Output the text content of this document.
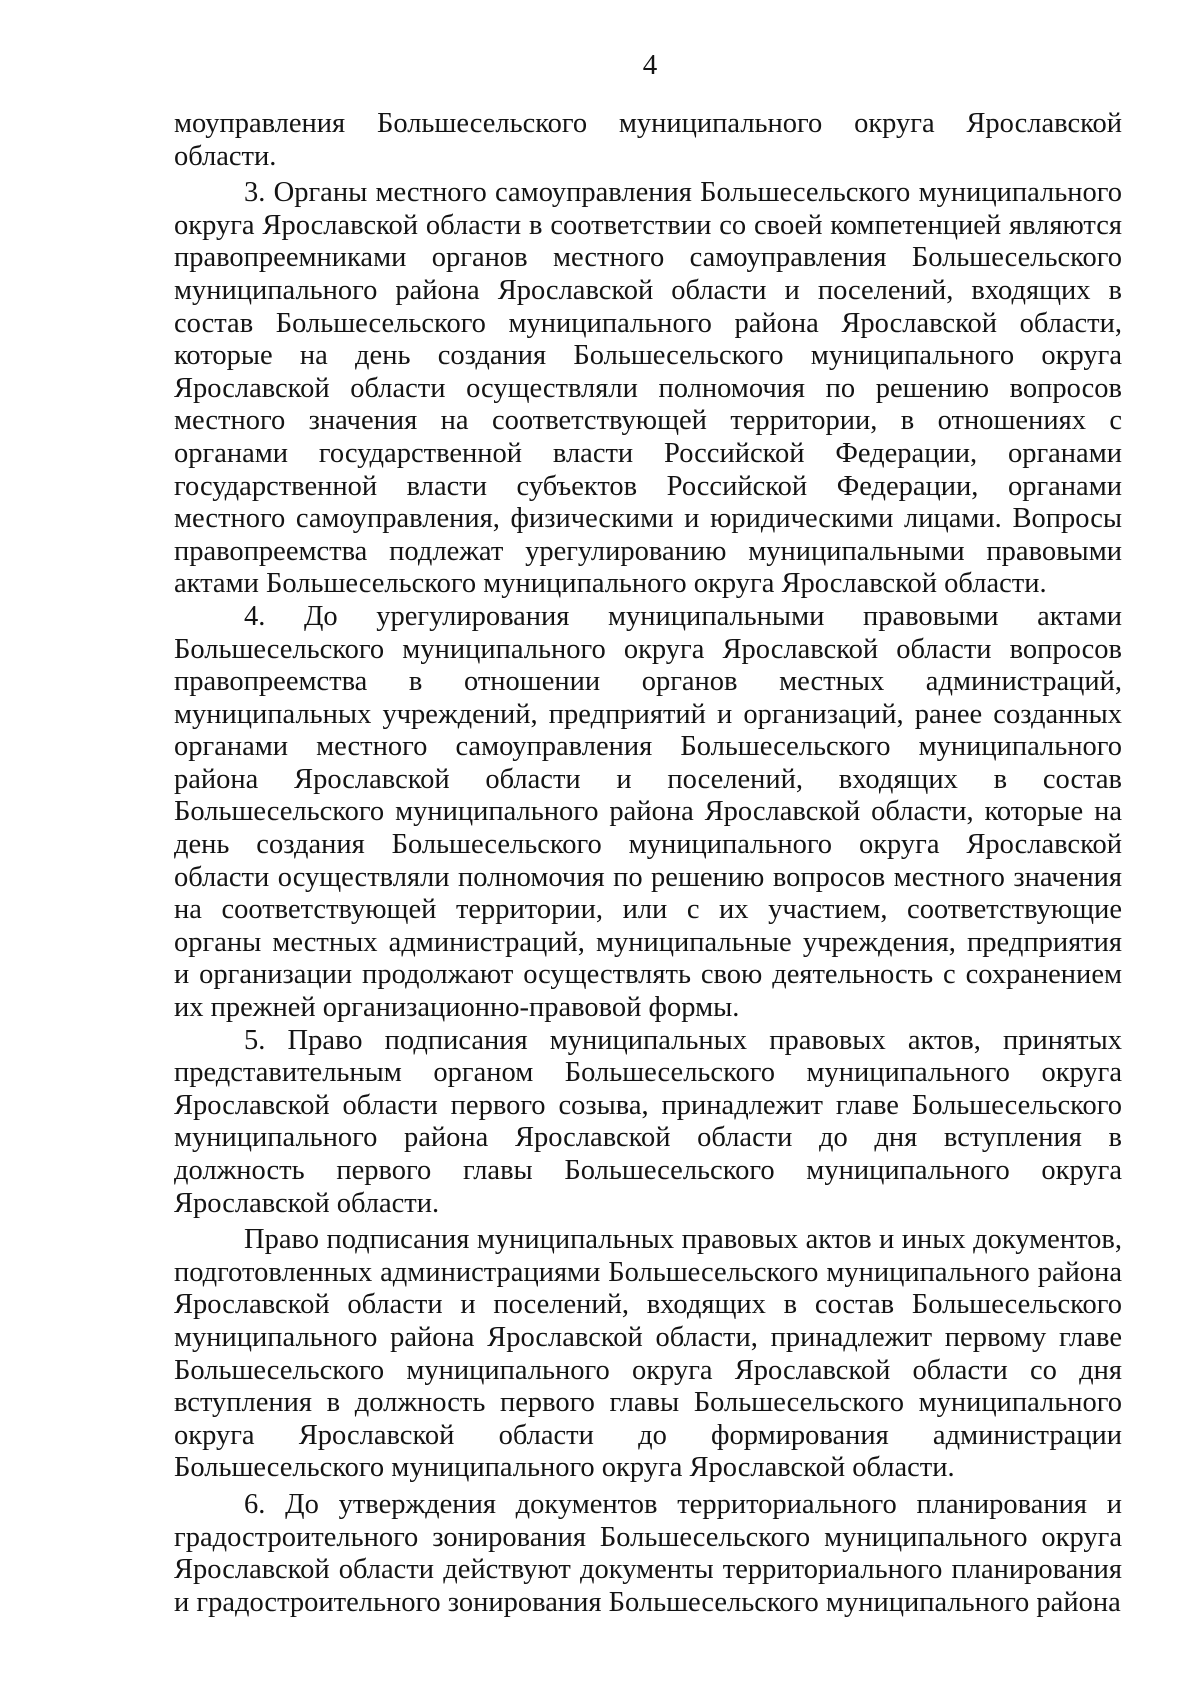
4

моуправления Большесельского муниципального округа Ярославской области.

3. Органы местного самоуправления Большесельского муниципального округа Ярославской области в соответствии со своей компетенцией являются правопреемниками органов местного самоуправления Большесельского муниципального района Ярославской области и поселений, входящих в состав Большесельского муниципального района Ярославской области, которые на день создания Большесельского муниципального округа Ярославской области осуществляли полномочия по решению вопросов местного значения на соответствующей территории, в отношениях с органами государственной власти Российской Федерации, органами государственной власти субъектов Российской Федерации, органами местного самоуправления, физическими и юридическими лицами. Вопросы правопреемства подлежат урегулированию муниципальными правовыми актами Большесельского муниципального округа Ярославской области.

4. До урегулирования муниципальными правовыми актами Большесельского муниципального округа Ярославской области вопросов правопреемства в отношении органов местных администраций, муниципальных учреждений, предприятий и организаций, ранее созданных органами местного самоуправления Большесельского муниципального района Ярославской области и поселений, входящих в состав Большесельского муниципального района Ярославской области, которые на день создания Большесельского муниципального округа Ярославской области осуществляли полномочия по решению вопросов местного значения на соответствующей территории, или с их участием, соответствующие органы местных администраций, муниципальные учреждения, предприятия и организации продолжают осуществлять свою деятельность с сохранением их прежней организационно-правовой формы.

5. Право подписания муниципальных правовых актов, принятых представительным органом Большесельского муниципального округа Ярославской области первого созыва, принадлежит главе Большесельского муниципального района Ярославской области до дня вступления в должность первого главы Большесельского муниципального округа Ярославской области.

Право подписания муниципальных правовых актов и иных документов, подготовленных администрациями Большесельского муниципального района Ярославской области и поселений, входящих в состав Большесельского муниципального района Ярославской области, принадлежит первому главе Большесельского муниципального округа Ярославской области со дня вступления в должность первого главы Большесельского муниципального округа Ярославской области до формирования администрации Большесельского муниципального округа Ярославской области.

6. До утверждения документов территориального планирования и градостроительного зонирования Большесельского муниципального округа Ярославской области действуют документы территориального планирования и градостроительного зонирования Большесельского муниципального района
